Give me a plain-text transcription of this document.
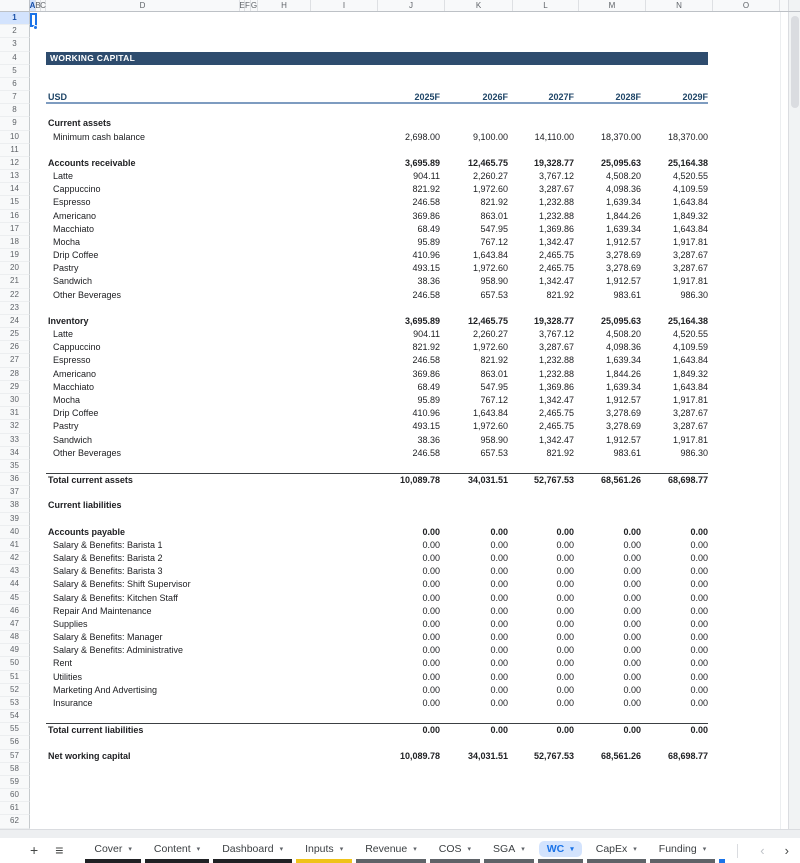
A B C	D	E F G	H	I	J	K	L	M	N	O
1
2
3
4	WORKING CAPITAL
5
6
7	USD	2025F	2026F	2027F	2028F	2029F
8
9	Current assets
10	Minimum cash balance	2,698.00	9,100.00	14,110.00	18,370.00	18,370.00
11
12	Accounts receivable	3,695.89	12,465.75	19,328.77	25,095.63	25,164.38
13	Latte	904.11	2,260.27	3,767.12	4,508.20	4,520.55
14	Cappuccino	821.92	1,972.60	3,287.67	4,098.36	4,109.59
15	Espresso	246.58	821.92	1,232.88	1,639.34	1,643.84
16	Americano	369.86	863.01	1,232.88	1,844.26	1,849.32
17	Macchiato	68.49	547.95	1,369.86	1,639.34	1,643.84
18	Mocha	95.89	767.12	1,342.47	1,912.57	1,917.81
19	Drip Coffee	410.96	1,643.84	2,465.75	3,278.69	3,287.67
20	Pastry	493.15	1,972.60	2,465.75	3,278.69	3,287.67
21	Sandwich	38.36	958.90	1,342.47	1,912.57	1,917.81
22	Other Beverages	246.58	657.53	821.92	983.61	986.30
23
24	Inventory	3,695.89	12,465.75	19,328.77	25,095.63	25,164.38
25	Latte	904.11	2,260.27	3,767.12	4,508.20	4,520.55
26	Cappuccino	821.92	1,972.60	3,287.67	4,098.36	4,109.59
27	Espresso	246.58	821.92	1,232.88	1,639.34	1,643.84
28	Americano	369.86	863.01	1,232.88	1,844.26	1,849.32
29	Macchiato	68.49	547.95	1,369.86	1,639.34	1,643.84
30	Mocha	95.89	767.12	1,342.47	1,912.57	1,917.81
31	Drip Coffee	410.96	1,643.84	2,465.75	3,278.69	3,287.67
32	Pastry	493.15	1,972.60	2,465.75	3,278.69	3,287.67
33	Sandwich	38.36	958.90	1,342.47	1,912.57	1,917.81
34	Other Beverages	246.58	657.53	821.92	983.61	986.30
35
36	Total current assets	10,089.78	34,031.51	52,767.53	68,561.26	68,698.77
37
38	Current liabilities
39
40	Accounts payable	0.00	0.00	0.00	0.00	0.00
41	Salary & Benefits: Barista 1	0.00	0.00	0.00	0.00	0.00
42	Salary & Benefits: Barista 2	0.00	0.00	0.00	0.00	0.00
43	Salary & Benefits: Barista 3	0.00	0.00	0.00	0.00	0.00
44	Salary & Benefits: Shift Supervisor	0.00	0.00	0.00	0.00	0.00
45	Salary & Benefits: Kitchen Staff	0.00	0.00	0.00	0.00	0.00
46	Repair And Maintenance	0.00	0.00	0.00	0.00	0.00
47	Supplies	0.00	0.00	0.00	0.00	0.00
48	Salary & Benefits: Manager	0.00	0.00	0.00	0.00	0.00
49	Salary & Benefits: Administrative	0.00	0.00	0.00	0.00	0.00
50	Rent	0.00	0.00	0.00	0.00	0.00
51	Utilities	0.00	0.00	0.00	0.00	0.00
52	Marketing And Advertising	0.00	0.00	0.00	0.00	0.00
53	Insurance	0.00	0.00	0.00	0.00	0.00
54
55	Total current liabilities	0.00	0.00	0.00	0.00	0.00
56
57	Net working capital	10,089.78	34,031.51	52,767.53	68,561.26	68,698.77
58
59
60
61
62
+ ≡	Cover ▾ Content ▾ Dashboard ▾ Inputs ▾ Revenue ▾ COS ▾ SGA ▾ WC ▾ CapEx ▾ Funding ▾	‹	›
